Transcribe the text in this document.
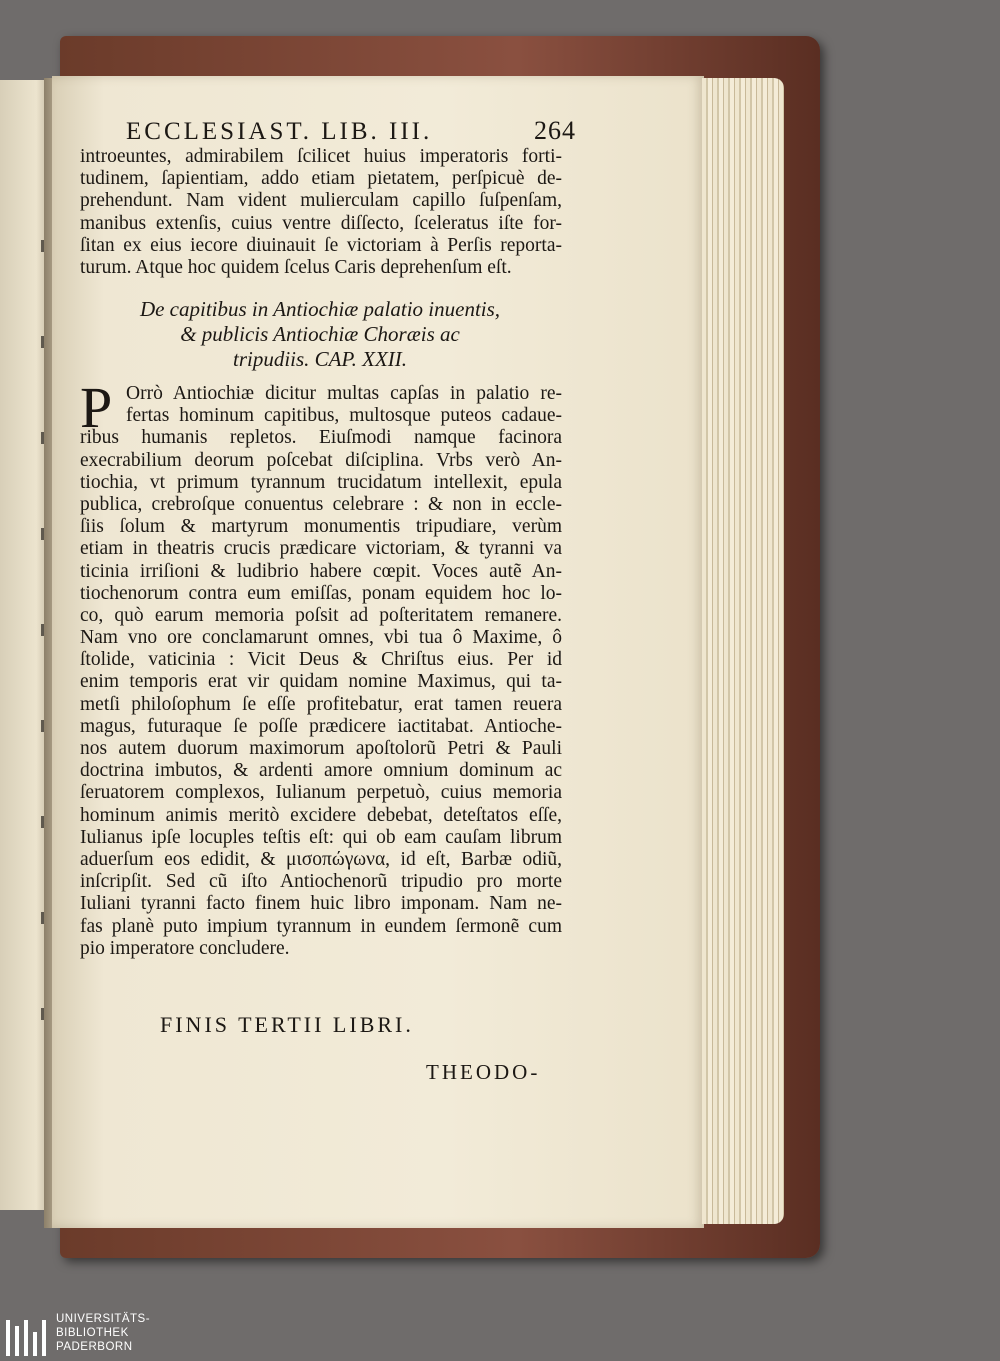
ECCLESIAST. LIB. III.	264
introeuntes, admirabilem ſcilicet huius imperatoris forti-
tudinem, ſapientiam, addo etiam pietatem, perſpicuè de-
prehendunt. Nam vident mulierculam capillo ſuſpenſam,
manibus extenſis, cuius ventre diſſecto, ſceleratus iſte for-
ſitan ex eius iecore diuinauit ſe victoriam à Perſis reporta-
turum. Atque hoc quidem ſcelus Caris deprehenſum eſt.
De capitibus in Antiochiæ palatio inuentis,
& publicis Antiochiæ Choræis ac
tripudiis. CAP. XXII.
P Orrò Antiochiæ dicitur multas capſas in palatio re-
fertas hominum capitibus, multosque puteos cadaue-
ribus humanis repletos. Eiuſmodi namque facinora
execrabilium deorum poſcebat diſciplina. Vrbs verò An-
tiochia, vt primum tyrannum trucidatum intellexit, epula
publica, crebroſque conuentus celebrare : & non in eccle-
ſiis ſolum & martyrum monumentis tripudiare, verùm
etiam in theatris crucis prædicare victoriam, & tyranni va
ticinia irriſioni & ludibrio habere cœpit. Voces autẽ An-
tiochenorum contra eum emiſſas, ponam equidem hoc lo-
co, quò earum memoria poſsit ad poſteritatem remanere.
Nam vno ore conclamarunt omnes, vbi tua ô Maxime, ô
ſtolide, vaticinia : Vicit Deus & Chriſtus eius. Per id
enim temporis erat vir quidam nomine Maximus, qui ta-
metſi philoſophum ſe eſſe profitebatur, erat tamen reuera
magus, futuraque ſe poſſe prædicere iactitabat. Antioche-
nos autem duorum maximorum apoſtolorũ Petri & Pauli
doctrina imbutos, & ardenti amore omnium dominum ac
ſeruatorem complexos, Iulianum perpetuò, cuius memoria
hominum animis meritò excidere debebat, deteſtatos eſſe,
Iulianus ipſe locuples teſtis eſt: qui ob eam cauſam librum
aduerſum eos edidit, & μισοπώγωνα, id eſt, Barbæ odiũ,
inſcripſit. Sed cũ iſto Antiochenorũ tripudio pro morte
Iuliani tyranni facto finem huic libro imponam. Nam ne-
fas planè puto impium tyrannum in eundem ſermonẽ cum
pio imperatore concludere.
FINIS TERTII LIBRI.
THEODO-
UNIVERSITÄTS-
BIBLIOTHEK
PADERBORN
